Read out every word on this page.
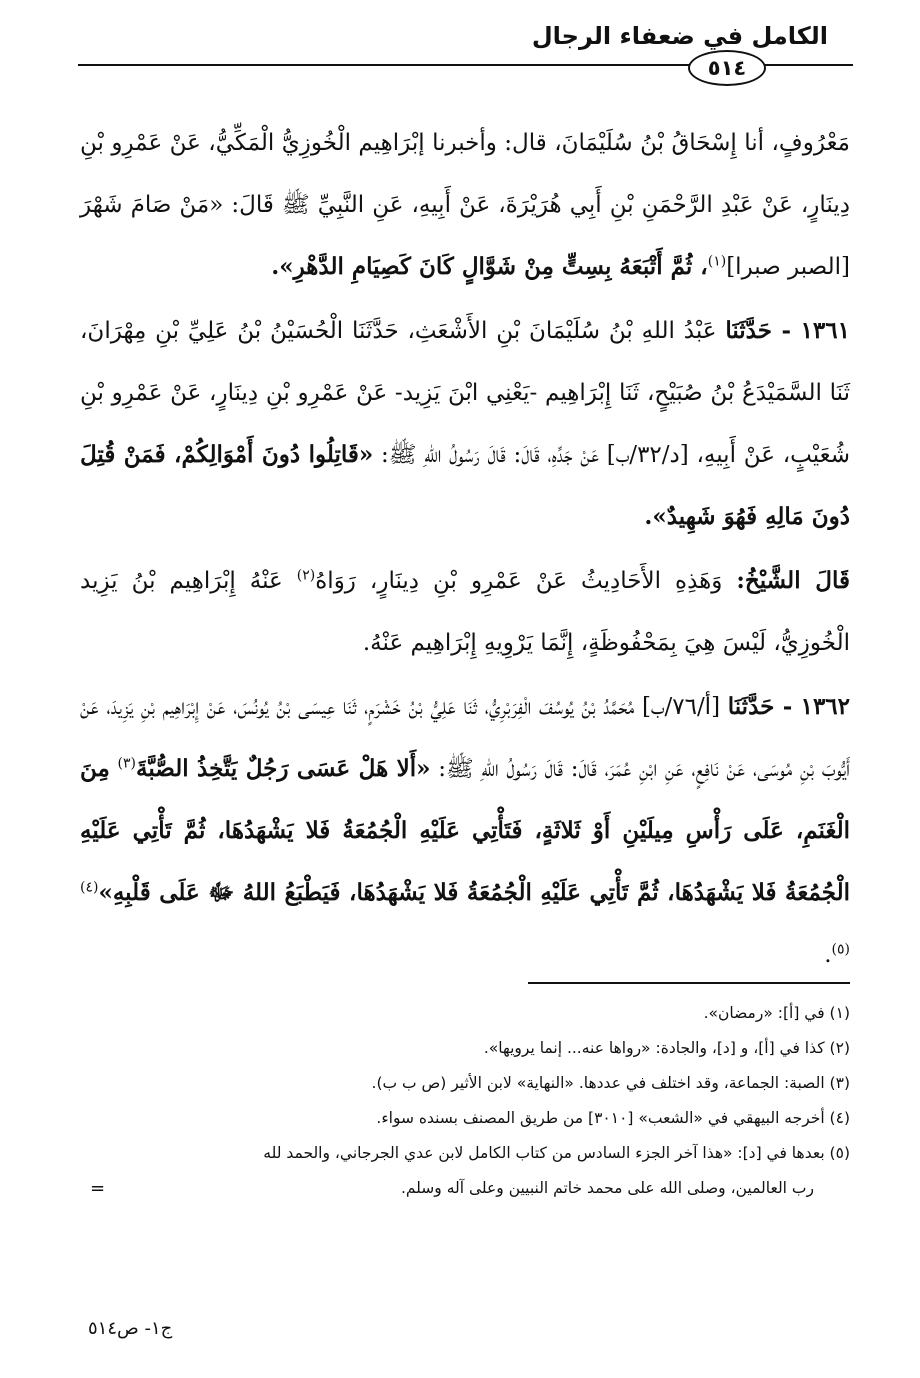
الكامل في ضعفاء الرجال
٥١٤

مَعْرُوفٍ، أنا إِسْحَاقُ بْنُ سُلَيْمَانَ، قال: وأخبرنا إبْرَاهِيم الْخُوزِيُّ الْمَكِّيُّ، عَنْ عَمْرِو بْنِ دِينَارٍ، عَنْ عَبْدِ الرَّحْمَنِ بْنِ أَبِي هُرَيْرَةَ، عَنْ أَبِيهِ، عَنِ النَّبِيِّ ﷺ قَالَ: «مَنْ صَامَ شَهْرَ [الصبر صبرا]$^{(١)}$، ثُمَّ أَتْبَعَهُ بِسِتٍّ مِنْ شَوَّالٍ كَانَ كَصِيَامِ الدَّهْرِ».

١٣٦١ - حَدَّثَنَا عَبْدُ اللهِ بْنُ سُلَيْمَانَ بْنِ الأَشْعَثِ، حَدَّثَنَا الْحُسَيْنُ بْنُ عَلِيِّ بْنِ مِهْرَانَ، ثَنَا السَّمَيْدَعُ بْنُ صُبَيْحٍ، ثَنَا إِبْرَاهِيم -يَعْنِي ابْنَ يَزِيد- عَنْ عَمْرِو بْنِ دِينَارٍ، عَنْ عَمْرِو بْنِ شُعَيْبٍ، عَنْ أَبِيهِ، [د/٣٢/ب] عَنْ جَدِّهِ، قَالَ: قَالَ رَسُولُ اللهِ ﷺ: «قَاتِلُوا دُونَ أَمْوَالِكُمْ، فَمَنْ قُتِلَ دُونَ مَالِهِ فَهُوَ شَهِيدٌ».

قَالَ الشَّيْخُ: وَهَذِهِ الأَحَادِيثُ عَنْ عَمْرِو بْنِ دِينَارٍ، رَوَاهُ$^{(٢)}$ عَنْهُ إِبْرَاهِيم بْنُ يَزِيد الْخُوزِيُّ، لَيْسَ هِيَ بِمَحْفُوظَةٍ، إِنَّمَا يَرْوِيهِ إِبْرَاهِيم عَنْهُ.

١٣٦٢ - حَدَّثَنَا [أ/٧٦/ب] مُحَمَّدُ بْنُ يُوسُفَ الْفِرَبْرِيُّ، ثَنَا عَلِيُّ بْنُ خَشْرَمٍ، ثَنَا عِيسَى بْنُ يُونُسَ، عَنْ إِبْرَاهِيم بْنِ يَزِيدَ، عَنْ أَيُّوبَ بْنِ مُوسَى، عَنْ نَافِعٍ، عَنِ ابْنِ عُمَرَ، قَالَ: قَالَ رَسُولُ اللهِ ﷺ: «أَلا هَلْ عَسَى رَجُلٌ يَتَّخِذُ الصُّبَّةَ$^{(٣)}$ مِنَ الْغَنَمِ، عَلَى رَأْسِ مِيلَيْنِ أَوْ ثَلاثَةٍ، فَتَأْتِي عَلَيْهِ الْجُمُعَةُ فَلا يَشْهَدُهَا، ثُمَّ تَأْتِي عَلَيْهِ الْجُمُعَةُ فَلا يَشْهَدُهَا، ثُمَّ تَأْتِي عَلَيْهِ الْجُمُعَةُ فَلا يَشْهَدُهَا، فَيَطْبَعُ اللهُ ﷻ عَلَى قَلْبِهِ»$^{(٤)(٥)}$.

(١) في [أ]: «رمضان».
(٢) كذا في [أ]، و [د]، والجادة: «رواها عنه... إنما يرويها».
(٣) الصبة: الجماعة، وقد اختلف في عددها. «النهاية» لابن الأثير (ص ب ب).
(٤) أخرجه البيهقي في «الشعب» [٣٠١٠] من طريق المصنف بسنده سواء.
(٥) بعدها في [د]: «هذا آخر الجزء السادس من كتاب الكامل لابن عدي الجرجاني، والحمد لله
رب العالمين، وصلى الله على محمد خاتم النبيين وعلى آله وسلم.
=
ج١- ص٥١٤
